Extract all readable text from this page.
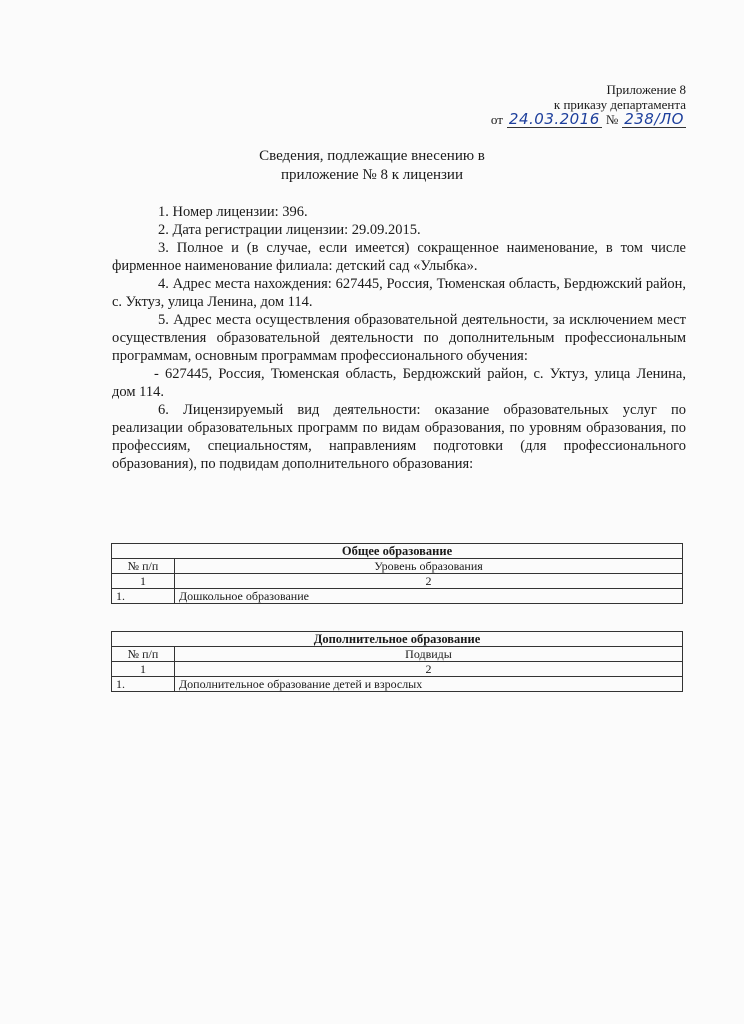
Приложение 8
к приказу департамента
от 24.03.2016 № 238/ЛО
Сведения, подлежащие внесению в
приложение № 8 к лицензии

1. Номер лицензии: 396.

2. Дата регистрации лицензии: 29.09.2015.

3. Полное и (в случае, если имеется) сокращенное наименование, в том числе фирменное наименование филиала: детский сад «Улыбка».

4. Адрес места нахождения: 627445, Россия, Тюменская область, Бердюжский район, с. Уктуз, улица Ленина, дом 114.

5. Адрес места осуществления образовательной деятельности, за исключением мест осуществления образовательной деятельности по дополнительным профессиональным программам, основным программам профессионального обучения:

- 627445, Россия, Тюменская область, Бердюжский район, с. Уктуз, улица Ленина, дом 114.

6. Лицензируемый вид деятельности: оказание образовательных услуг по реализации образовательных программ по видам образования, по уровням образования, по профессиям, специальностям, направлениям подготовки (для профессионального образования), по подвидам дополнительного образования:

Общее образование	
№ п/п	Уровень образования
1	2
1.	Дошкольное образование
Дополнительное образование	
№ п/п	Подвиды
1	2
1.	Дополнительное образование детей и взрослых
